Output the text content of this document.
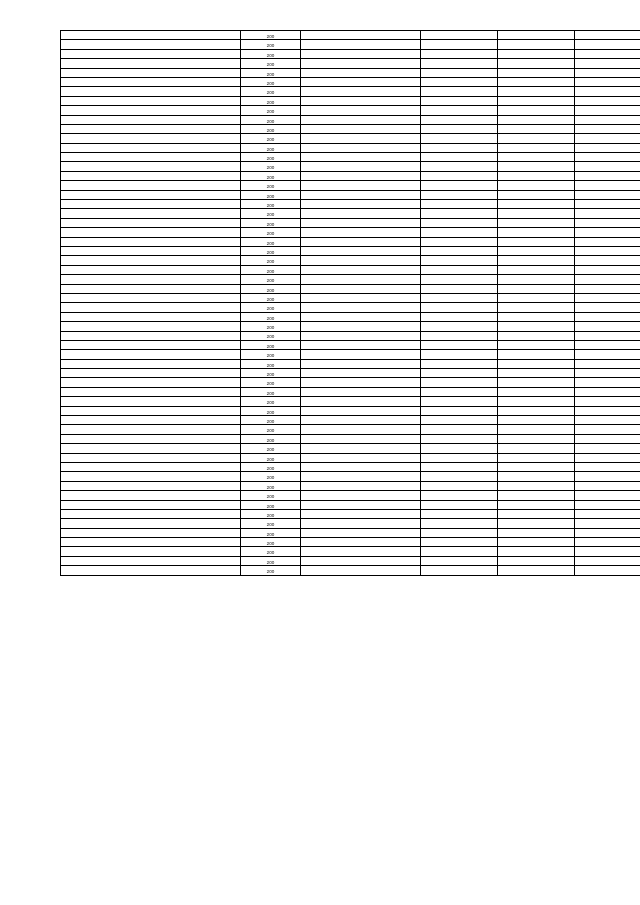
	200				
	200				
	200				
	200				
	200				
	200				
	200				
	200				
	200				
	200				
	200				
	200				
	200				
	200				
	200				
	200				
	200				
	200				
	200				
	200				
	200				
	200				
	200				
	200				
	200				
	200				
	200				
	200				
	200				
	200				
	200				
	200				
	200				
	200				
	200				
	200				
	200				
	200				
	200				
	200				
	200				
	200				
	200				
	200				
	200				
	200				
	200				
	200				
	200				
	200				
	200				
	200				
	200				
	200				
	200				
	200				
	200				
	200				
